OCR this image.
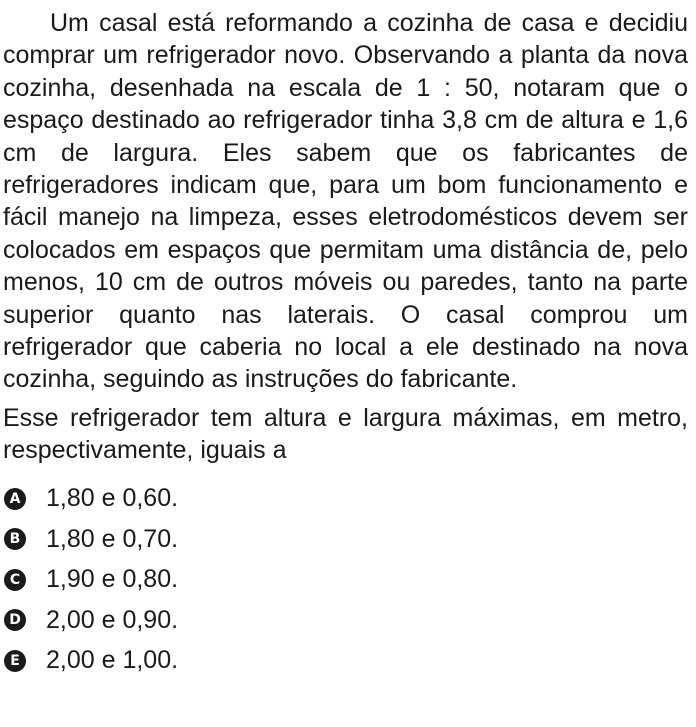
Um casal está reformando a cozinha de casa e decidiu comprar um refrigerador novo. Observando a planta da nova cozinha, desenhada na escala de 1 : 50, notaram que o espaço destinado ao refrigerador tinha 3,8 cm de altura e 1,6 cm de largura. Eles sabem que os fabricantes de refrigeradores indicam que, para um bom funcionamento e fácil manejo na limpeza, esses eletrodomésticos devem ser colocados em espaços que permitam uma distância de, pelo menos, 10 cm de outros móveis ou paredes, tanto na parte superior quanto nas laterais. O casal comprou um refrigerador que caberia no local a ele destinado na nova cozinha, seguindo as instruções do fabricante.

Esse refrigerador tem altura e largura máximas, em metro, respectivamente, iguais a

A 1,80 e 0,60.
B 1,80 e 0,70.
C 1,90 e 0,80.
D 2,00 e 0,90.
E 2,00 e 1,00.
